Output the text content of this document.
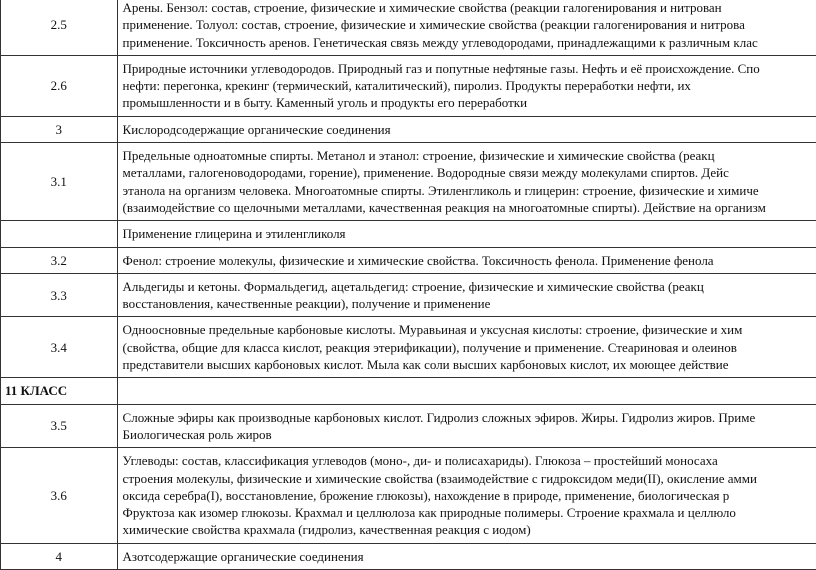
2.5	Арены. Бензол: состав, строение, физические и химические свойства (реакции галогенирования и нитрован
применение. Толуол: состав, строение, физические и химические свойства (реакции галогенирования и нитрова
применение. Токсичность аренов. Генетическая связь между углеводородами, принадлежащими к различным клас

2.6	Природные источники углеводородов. Природный газ и попутные нефтяные газы. Нефть и её происхождение. Спо
нефти: перегонка, крекинг (термический, каталитический), пиролиз. Продукты переработки нефти, их
промышленности и в быту. Каменный уголь и продукты его переработки

3	Кислородсодержащие органические соединения

3.1	Предельные одноатомные спирты. Метанол и этанол: строение, физические и химические свойства (реакц
металлами, галогеноводородами, горение), применение. Водородные связи между молекулами спиртов. Дейс
этанола на организм человека. Многоатомные спирты. Этиленгликоль и глицерин: строение, физические и химиче
(взаимодействие со щелочными металлами, качественная реакция на многоатомные спирты). Действие на организм

	Применение глицерина и этиленгликоля

3.2	Фенол: строение молекулы, физические и химические свойства. Токсичность фенола. Применение фенола

3.3	Альдегиды и кетоны. Формальдегид, ацетальдегид: строение, физические и химические свойства (реакц
восстановления, качественные реакции), получение и применение

3.4	Одноосновные предельные карбоновые кислоты. Муравьиная и уксусная кислоты: строение, физические и хим
(свойства, общие для класса кислот, реакция этерификации), получение и применение. Стеариновая и олеинов
представители высших карбоновых кислот. Мыла как соли высших карбоновых кислот, их моющее действие

11 КЛАСС	
3.5	Сложные эфиры как производные карбоновых кислот. Гидролиз сложных эфиров. Жиры. Гидролиз жиров. Приме
Биологическая роль жиров

3.6	Углеводы: состав, классификация углеводов (моно-, ди- и полисахариды). Глюкоза – простейший моносаха
строения молекулы, физические и химические свойства (взаимодействие с гидроксидом меди(II), окисление амми
оксида серебра(I), восстановление, брожение глюкозы), нахождение в природе, применение, биологическая р
Фруктоза как изомер глюкозы. Крахмал и целлюлоза как природные полимеры. Строение крахмала и целлюло
химические свойства крахмала (гидролиз, качественная реакция с иодом)

4	Азотсодержащие органические соединения
